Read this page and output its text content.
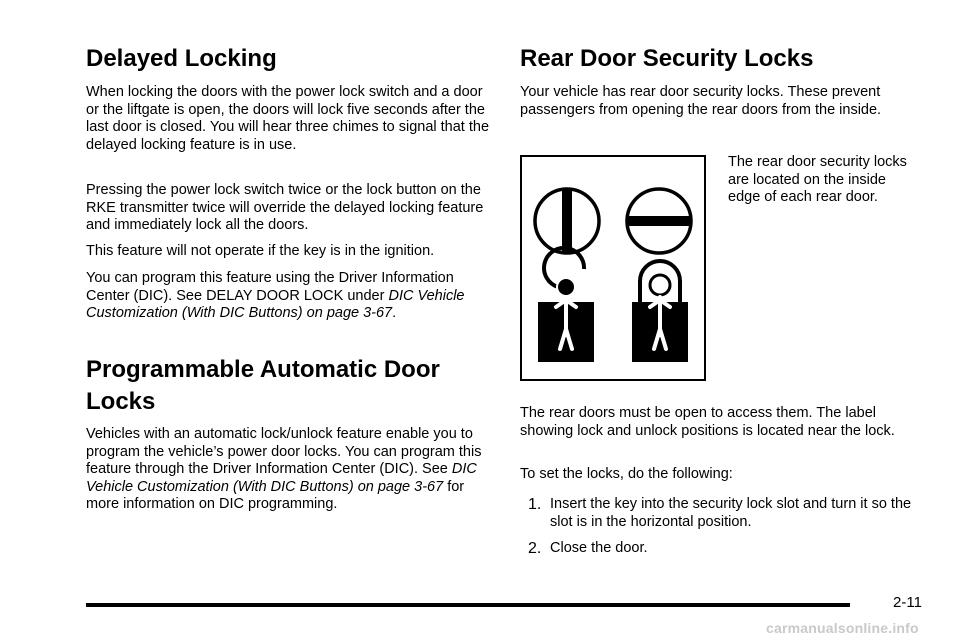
Delayed Locking

When locking the doors with the power lock switch and a door or the liftgate is open, the doors will lock five seconds after the last door is closed. You will hear three chimes to signal that the delayed locking feature is in use.

Pressing the power lock switch twice or the lock button on the RKE transmitter twice will override the delayed locking feature and immediately lock all the doors.

This feature will not operate if the key is in the ignition.

You can program this feature using the Driver Information Center (DIC). See DELAY DOOR LOCK under DIC Vehicle Customization (With DIC Buttons) on page 3-67.

Programmable Automatic Door Locks

Vehicles with an automatic lock/unlock feature enable you to program the vehicle’s power door locks. You can program this feature through the Driver Information Center (DIC). See DIC Vehicle Customization (With DIC Buttons) on page 3-67 for more information on DIC programming.

Rear Door Security Locks

Your vehicle has rear door security locks. These prevent passengers from opening the rear doors from the inside.

The rear door security locks are located on the inside edge of each rear door.

The rear doors must be open to access them. The label showing lock and unlock positions is located near the lock.

To set the locks, do the following:

1. Insert the key into the security lock slot and turn it so the slot is in the horizontal position.
2. Close the door.
2-11
carmanualsonline.info
